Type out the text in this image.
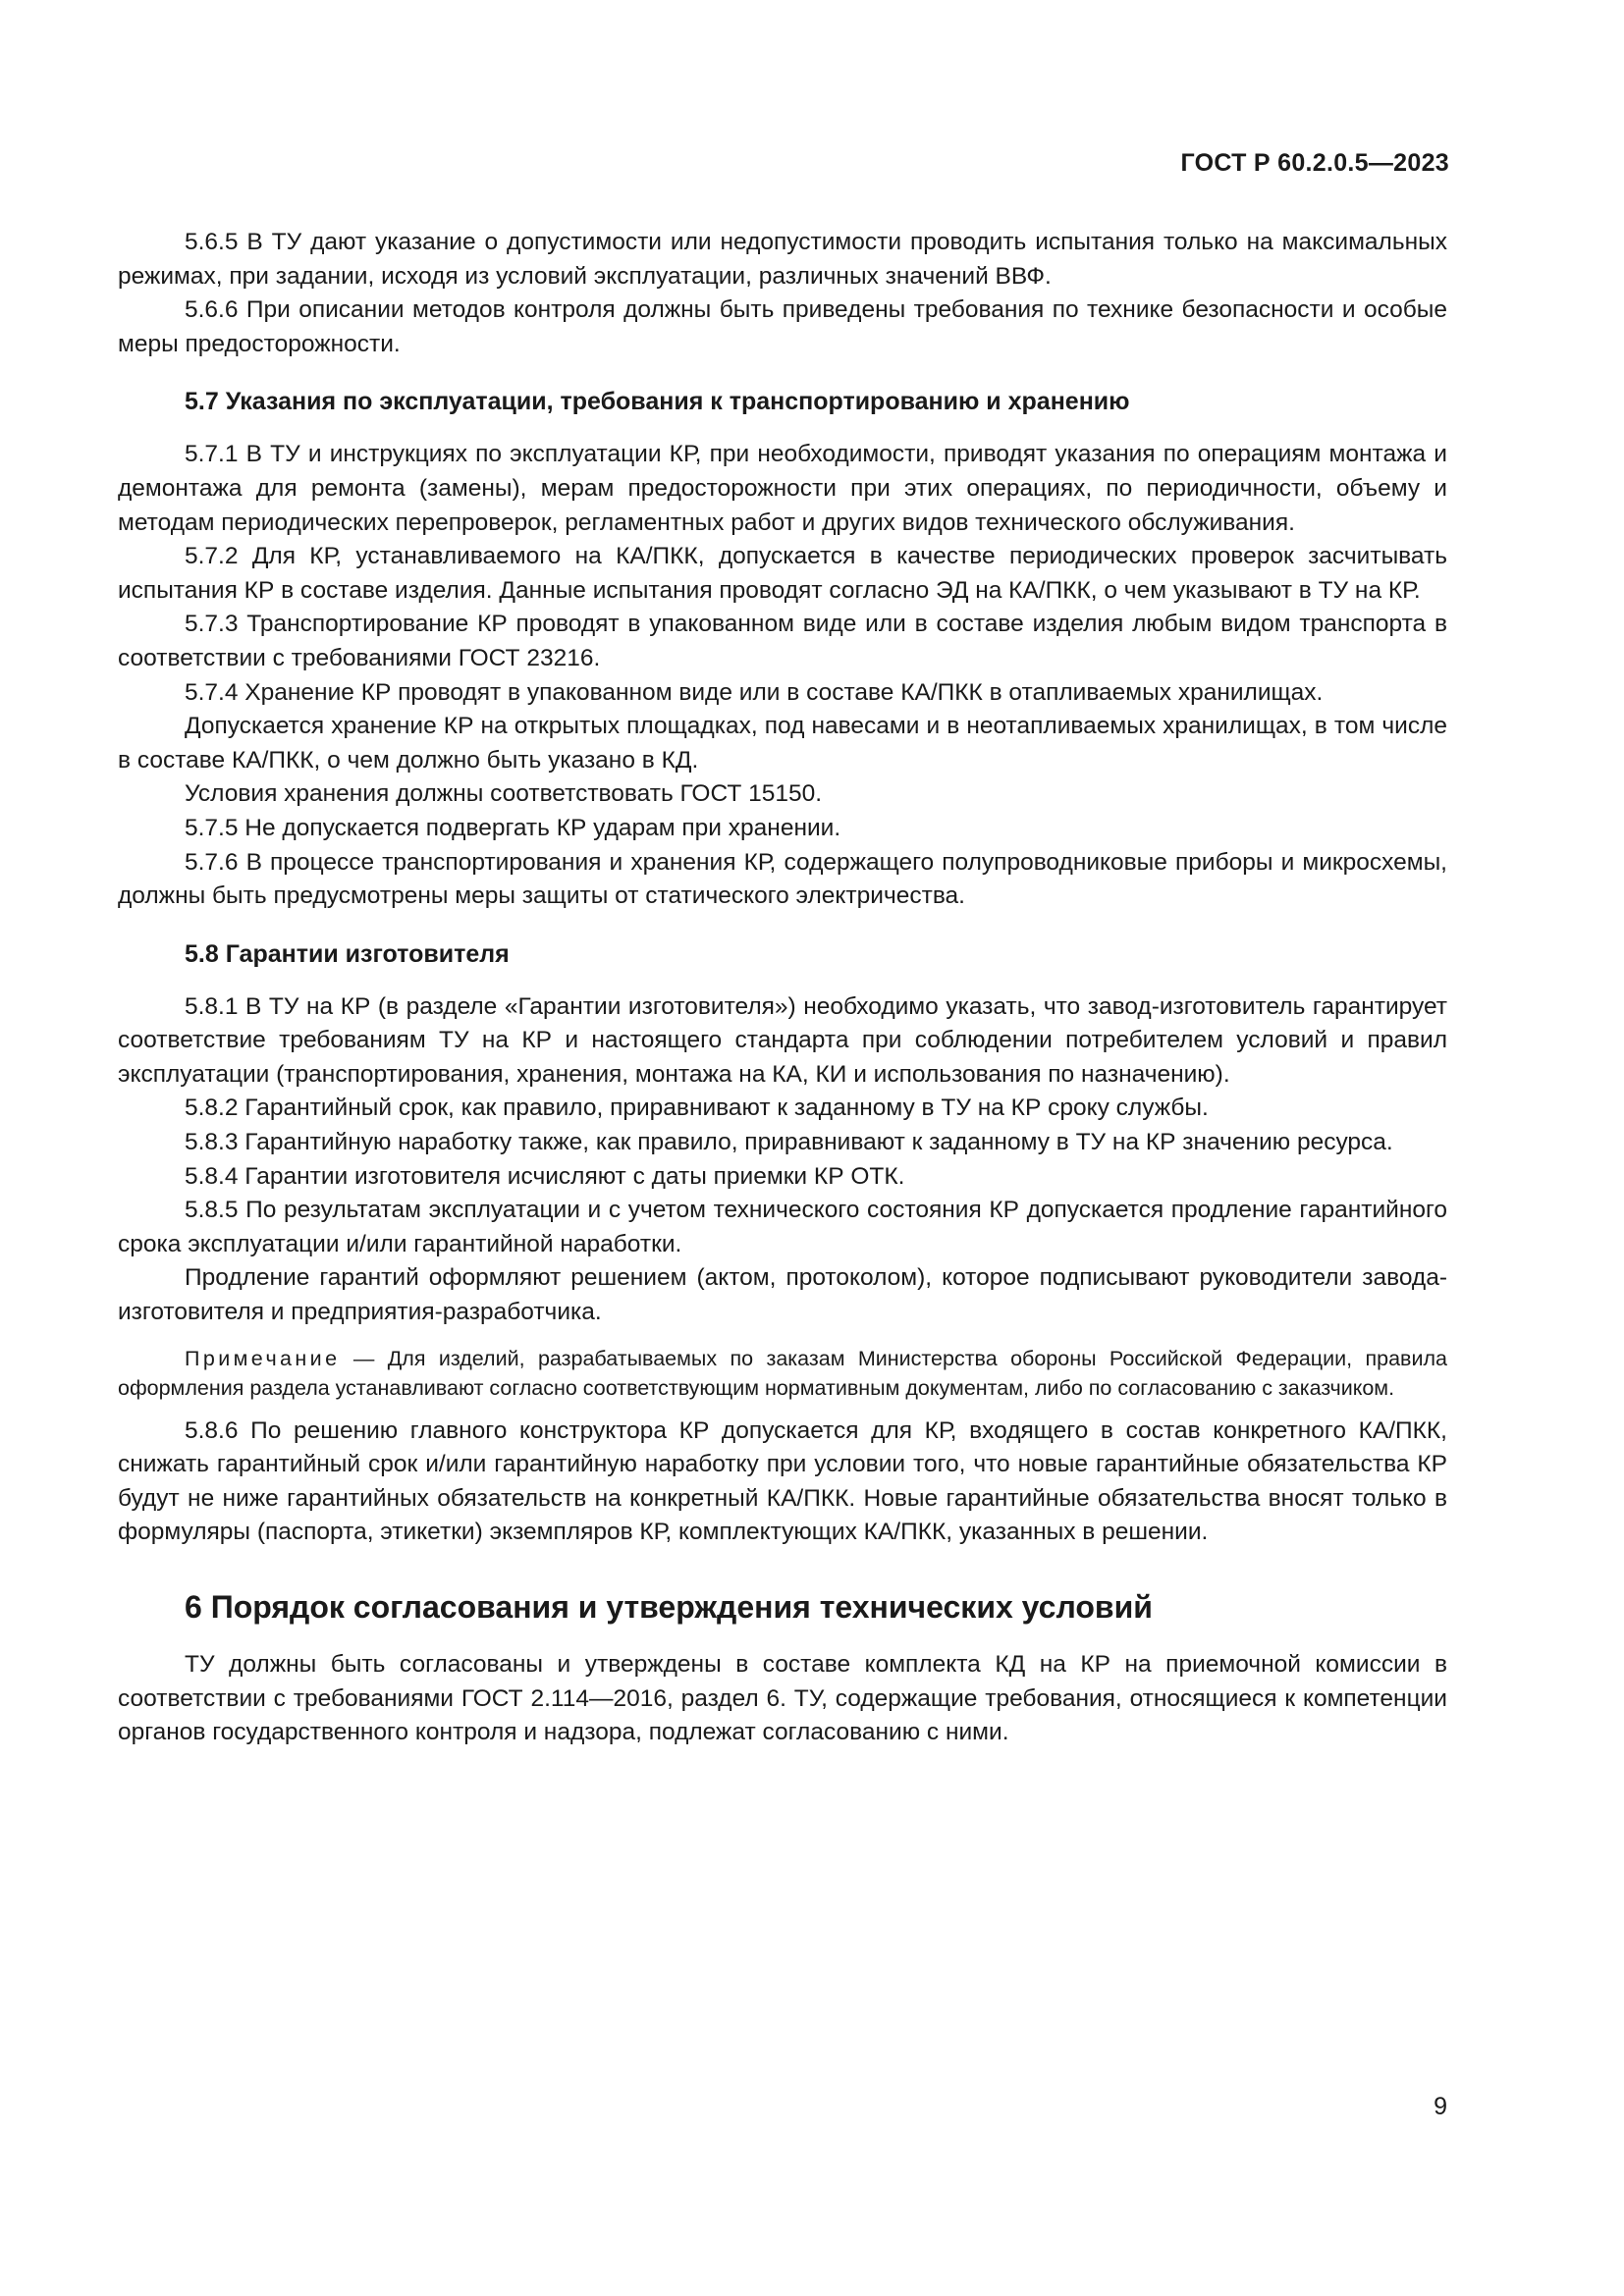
ГОСТ Р 60.2.0.5—2023

5.6.5 В ТУ дают указание о допустимости или недопустимости проводить испытания только на максимальных режимах, при задании, исходя из условий эксплуатации, различных значений ВВФ.

5.6.6 При описании методов контроля должны быть приведены требования по технике безопасности и особые меры предосторожности.

5.7 Указания по эксплуатации, требования к транспортированию и хранению

5.7.1 В ТУ и инструкциях по эксплуатации КР, при необходимости, приводят указания по операциям монтажа и демонтажа для ремонта (замены), мерам предосторожности при этих операциях, по периодичности, объему и методам периодических перепроверок, регламентных работ и других видов технического обслуживания.

5.7.2 Для КР, устанавливаемого на КА/ПКК, допускается в качестве периодических проверок засчитывать испытания КР в составе изделия. Данные испытания проводят согласно ЭД на КА/ПКК, о чем указывают в ТУ на КР.

5.7.3 Транспортирование КР проводят в упакованном виде или в составе изделия любым видом транспорта в соответствии с требованиями ГОСТ 23216.

5.7.4 Хранение КР проводят в упакованном виде или в составе КА/ПКК в отапливаемых хранилищах.

Допускается хранение КР на открытых площадках, под навесами и в неотапливаемых хранилищах, в том числе в составе КА/ПКК, о чем должно быть указано в КД.

Условия хранения должны соответствовать ГОСТ 15150.

5.7.5 Не допускается подвергать КР ударам при хранении.

5.7.6 В процессе транспортирования и хранения КР, содержащего полупроводниковые приборы и микросхемы, должны быть предусмотрены меры защиты от статического электричества.

5.8 Гарантии изготовителя

5.8.1 В ТУ на КР (в разделе «Гарантии изготовителя») необходимо указать, что завод-изготовитель гарантирует соответствие требованиям ТУ на КР и настоящего стандарта при соблюдении потребителем условий и правил эксплуатации (транспортирования, хранения, монтажа на КА, КИ и использования по назначению).

5.8.2 Гарантийный срок, как правило, приравнивают к заданному в ТУ на КР сроку службы.

5.8.3 Гарантийную наработку также, как правило, приравнивают к заданному в ТУ на КР значению ресурса.

5.8.4 Гарантии изготовителя исчисляют с даты приемки КР ОТК.

5.8.5 По результатам эксплуатации и с учетом технического состояния КР допускается продление гарантийного срока эксплуатации и/или гарантийной наработки.

Продление гарантий оформляют решением (актом, протоколом), которое подписывают руководители завода-изготовителя и предприятия-разработчика.

Примечание — Для изделий, разрабатываемых по заказам Министерства обороны Российской Федерации, правила оформления раздела устанавливают согласно соответствующим нормативным документам, либо по согласованию с заказчиком.

5.8.6 По решению главного конструктора КР допускается для КР, входящего в состав конкретного КА/ПКК, снижать гарантийный срок и/или гарантийную наработку при условии того, что новые гарантийные обязательства КР будут не ниже гарантийных обязательств на конкретный КА/ПКК. Новые гарантийные обязательства вносят только в формуляры (паспорта, этикетки) экземпляров КР, комплектующих КА/ПКК, указанных в решении.

6 Порядок согласования и утверждения технических условий

ТУ должны быть согласованы и утверждены в составе комплекта КД на КР на приемочной комиссии в соответствии с требованиями ГОСТ 2.114—2016, раздел 6. ТУ, содержащие требования, относящиеся к компетенции органов государственного контроля и надзора, подлежат согласованию с ними.

9
